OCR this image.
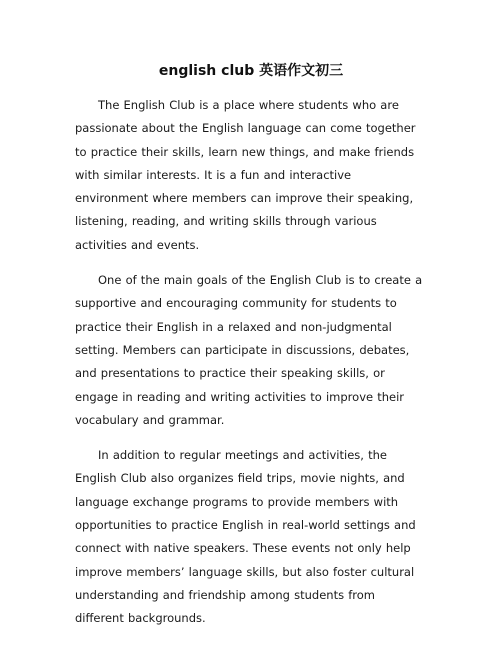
english club 英语作文初三

The English Club is a place where students who are passionate about the English language can come together to practice their skills, learn new things, and make friends with similar interests. It is a fun and interactive environment where members can improve their speaking, listening, reading, and writing skills through various activities and events.

One of the main goals of the English Club is to create a supportive and encouraging community for students to practice their English in a relaxed and non-judgmental setting. Members can participate in discussions, debates, and presentations to practice their speaking skills, or engage in reading and writing activities to improve their vocabulary and grammar.

In addition to regular meetings and activities, the English Club also organizes field trips, movie nights, and language exchange programs to provide members with opportunities to practice English in real-world settings and connect with native speakers. These events not only help improve members’ language skills, but also foster cultural understanding and friendship among students from different backgrounds.
